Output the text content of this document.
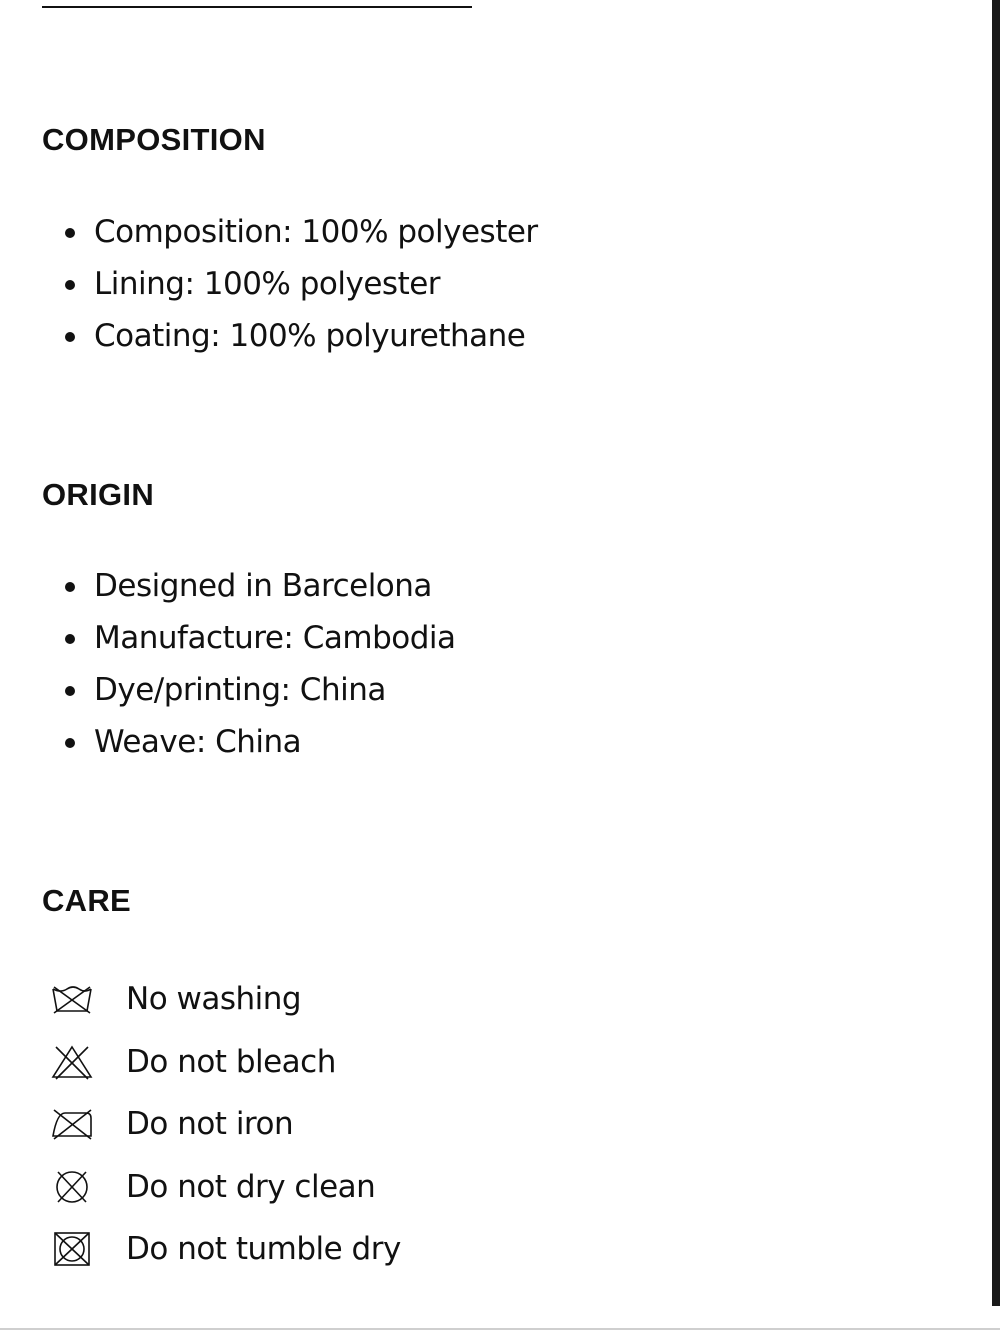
COMPOSITION
Composition: 100% polyester
Lining: 100% polyester
Coating: 100% polyurethane
ORIGIN
Designed in Barcelona
Manufacture: Cambodia
Dye/printing: China
Weave: China
CARE
No washing
Do not bleach
Do not iron
Do not dry clean
Do not tumble dry
